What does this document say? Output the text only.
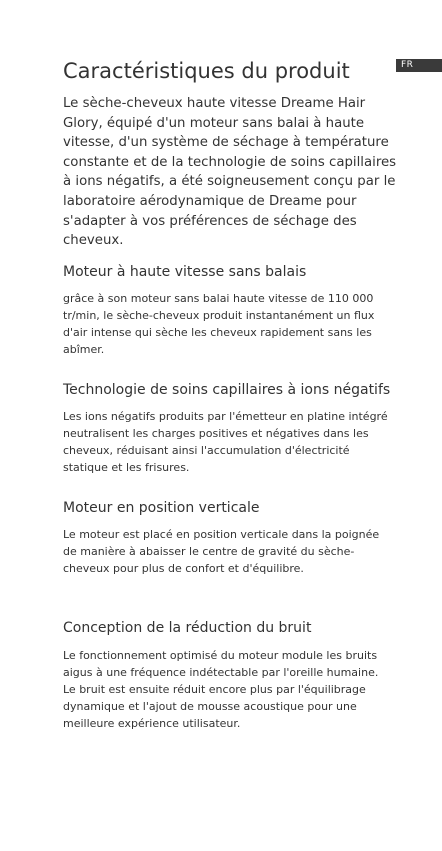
FR
Caractéristiques du produit

Le sèche-cheveux haute vitesse Dreame Hair Glory, équipé d'un moteur sans balai à haute vitesse, d'un système de séchage à température constante et de la technologie de soins capillaires à ions négatifs, a été soigneusement conçu par le laboratoire aérodynamique de Dreame pour s'adapter à vos préférences de séchage des cheveux.

Moteur à haute vitesse sans balais

grâce à son moteur sans balai haute vitesse de 110 000 tr/min, le sèche-cheveux produit instantanément un flux d'air intense qui sèche les cheveux rapidement sans les abîmer.

Technologie de soins capillaires à ions négatifs

Les ions négatifs produits par l'émetteur en platine intégré neutralisent les charges positives et négatives dans les cheveux, réduisant ainsi l'accumulation d'électricité statique et les frisures.

Moteur en position verticale

Le moteur est placé en position verticale dans la poignée de manière à abaisser le centre de gravité du sèche-cheveux pour plus de confort et d'équilibre.

Conception de la réduction du bruit

Le fonctionnement optimisé du moteur module les bruits aigus à une fréquence indétectable par l'oreille humaine. Le bruit est ensuite réduit encore plus par l'équilibrage dynamique et l'ajout de mousse acoustique pour une meilleure expérience utilisateur.
